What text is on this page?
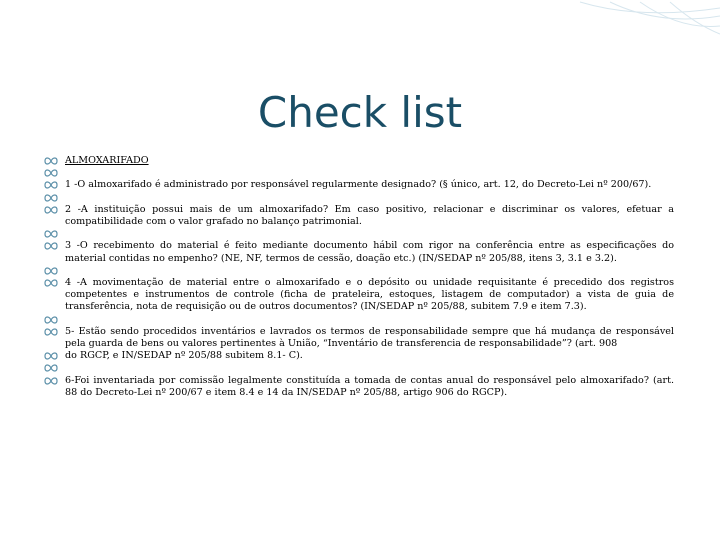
Check list
ALMOXARIFADO
1 -O almoxarifado é administrado por responsável regularmente designado? (§ único, art. 12, do Decreto-Lei nº 200/67).
2 -A instituição possui mais de um almoxarifado? Em caso positivo, relacionar e discriminar os valores, efetuar a compatibilidade com o valor grafado no balanço patrimonial.
3 -O recebimento do material é feito mediante documento hábil com rigor na conferência entre as especificações do material contidas no empenho? (NE, NF, termos de cessão, doação etc.) (IN/SEDAP nº 205/88, itens 3, 3.1 e 3.2).
4 -A movimentação de material entre o almoxarifado e o depósito ou unidade requisitante é precedido dos registros competentes e instrumentos de controle (ficha de prateleira, estoques, listagem de computador) a vista de guia de transferência, nota de requisição ou de outros documentos? (IN/SEDAP nº 205/88, subitem 7.9 e item 7.3).
5- Estão sendo procedidos inventários e lavrados os termos de responsabilidade sempre que há mudança de responsável pela guarda de bens ou valores pertinentes à União, “Inventário de transferencia de responsabilidade”? (art. 908
do RGCP, e IN/SEDAP nº 205/88 subitem 8.1- C).
6-Foi inventariada por comissão legalmente constituída a tomada de contas anual do responsável pelo almoxarifado? (art. 88 do Decreto-Lei nº 200/67 e item 8.4 e 14 da IN/SEDAP nº 205/88, artigo 906 do RGCP).
